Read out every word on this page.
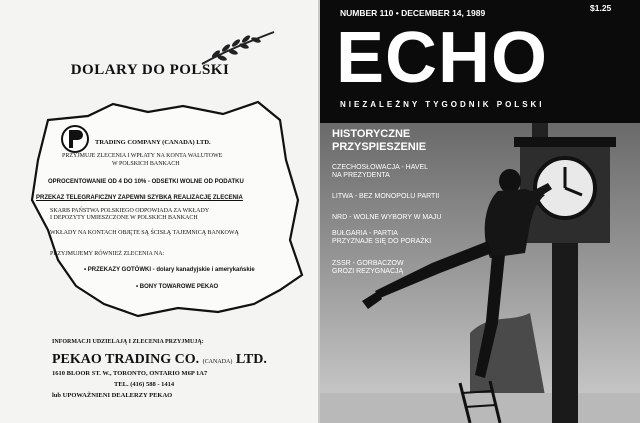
DOLARY DO POLSKI
TRADING COMPANY (CANADA) LTD.
PRZYJMUJE ZLECENIA I WPŁATY NA KONTA WALUTOWE
W POLSKICH BANKACH
OPROCENTOWANIE OD 4 DO 10% - ODSETKI WOLNE OD PODATKU
PRZEKAZ TELEGRAFICZNY ZAPEWNI SZYBKĄ REALIZACJĘ ZLECENIA
SKARB PAŃSTWA POLSKIEGO ODPOWIADA ZA WKŁADY
I DEPOZYTY UMIESZCZONE W POLSKICH BANKACH
WKŁADY NA KONTACH OBJĘTE SĄ ŚCISŁĄ TAJEMNICĄ BANKOWĄ
PRZYJMUJEMY RÓWNIEŻ ZLECENIA NA:
• PRZEKAZY GOTÓWKI - dolary kanadyjskie i amerykańskie
• BONY TOWAROWE PEKAO
INFORMACJI UDZIELAJĄ I ZLECENIA PRZYJMUJĄ:
PEKAO TRADING CO. (CANADA) LTD.
1610 BLOOR ST. W., TORONTO, ONTARIO M6P 1A7
TEL. (416) 588 - 1414
lub UPOWAŻNIENI DEALERZY PEKAO
NUMBER 110 • DECEMBER 14, 1989	$1.25
ECHO
NIEZALEŻNY TYGODNIK POLSKI
HISTORYCZNE
PRZYSPIESZENIE
CZECHOSŁOWACJA - HAVEL
NA PREZYDENTA
LITWA - BEZ MONOPOLU PARTII
NRD - WOLNE WYBORY W MAJU
BUŁGARIA - PARTIA
PRZYZNAJE SIĘ DO PORAŻKI
ZSSR - GORBACZOW
GROZI REZYGNACJĄ
